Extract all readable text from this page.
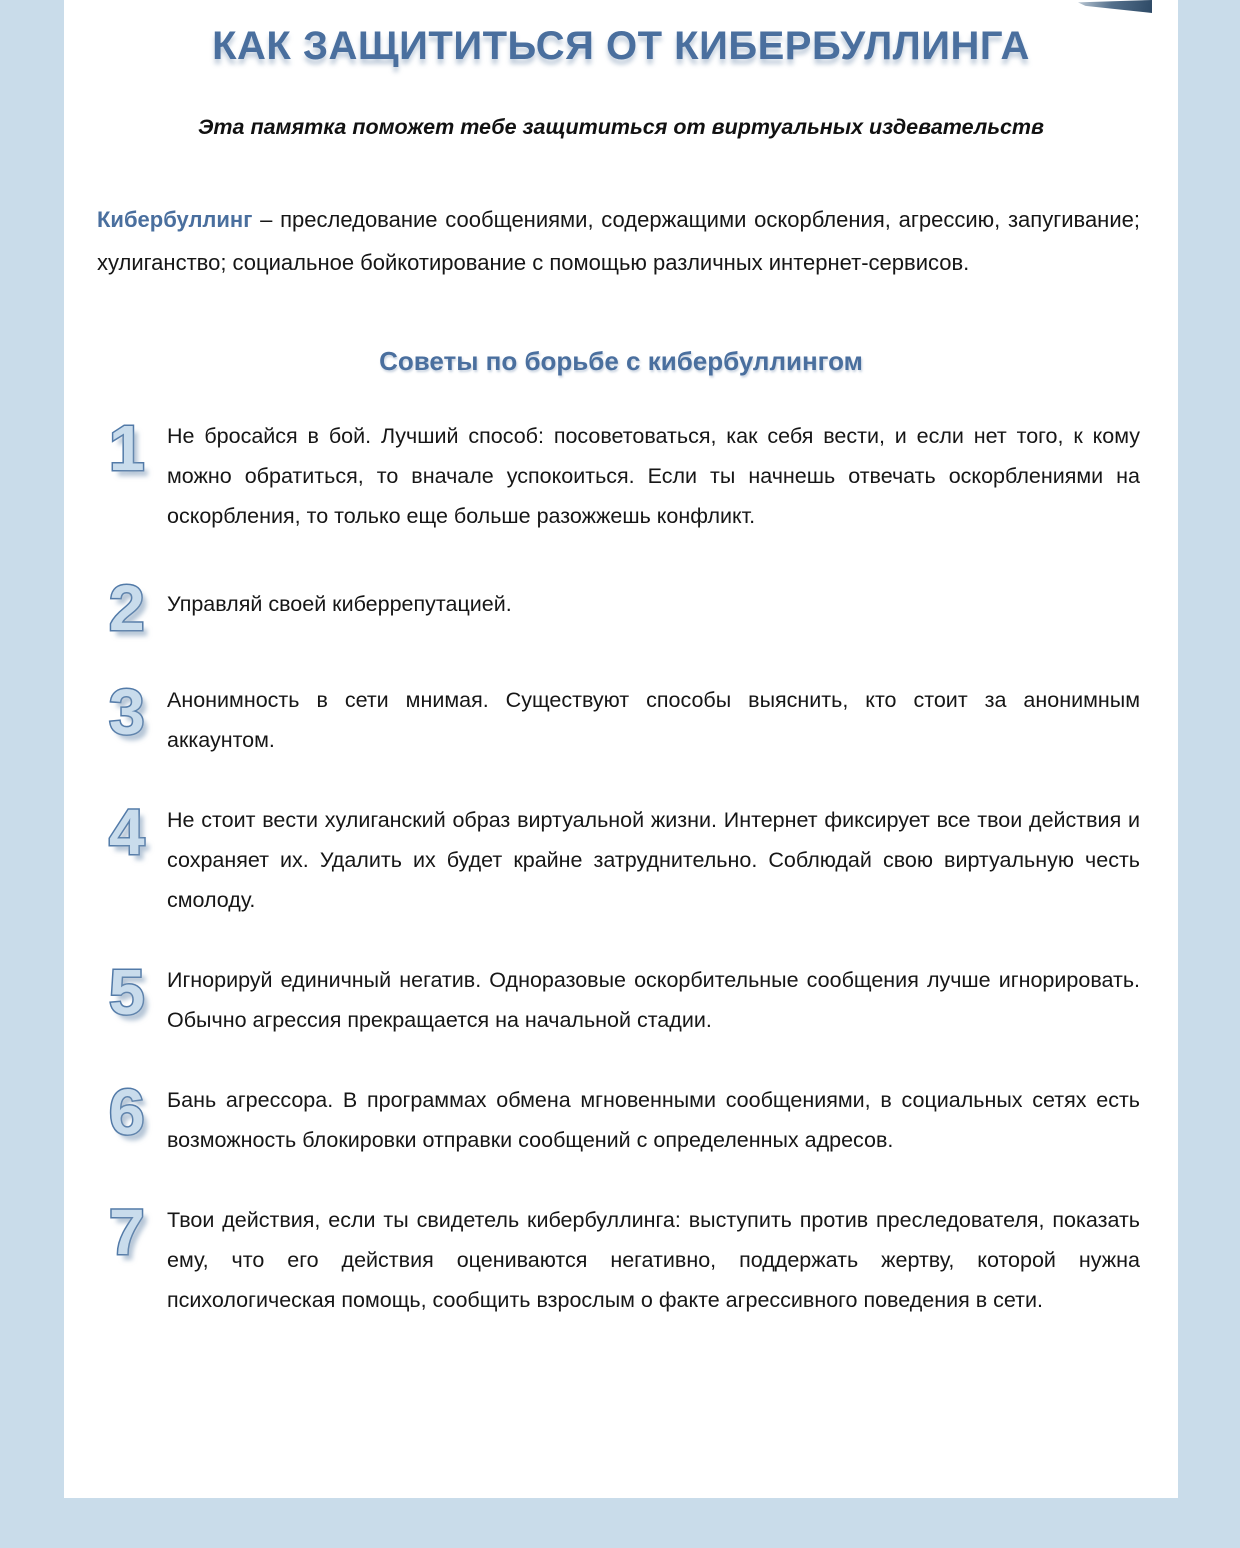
КАК ЗАЩИТИТЬСЯ ОТ КИБЕРБУЛЛИНГА
Эта памятка поможет тебе защититься от виртуальных издевательств

Кибербуллинг – преследование сообщениями, содержащими оскорбления, агрессию, запугивание; хулиганство; социальное бойкотирование с помощью различных интернет-сервисов.

Советы по борьбе с кибербуллингом
1	Не бросайся в бой. Лучший способ: посоветоваться, как себя вести, и если нет того, к кому можно обратиться, то вначале успокоиться. Если ты начнешь отвечать оскорблениями на оскорбления, то только еще больше разожжешь конфликт.

2	Управляй своей киберрепутацией.

3	Анонимность в сети мнимая. Существуют способы выяснить, кто стоит за анонимным аккаунтом.

4	Не стоит вести хулиганский образ виртуальной жизни. Интернет фиксирует все твои действия и сохраняет их. Удалить их будет крайне затруднительно. Соблюдай свою виртуальную честь смолоду.

5	Игнорируй единичный негатив. Одноразовые оскорбительные сообщения лучше игнорировать. Обычно агрессия прекращается на начальной стадии.

6	Бань агрессора. В программах обмена мгновенными сообщениями, в социальных сетях есть возможность блокировки отправки сообщений с определенных адресов.

7	Твои действия, если ты свидетель кибербуллинга: выступить против преследователя, показать ему, что его действия оцениваются негативно, поддержать жертву, которой нужна психологическая помощь, сообщить взрослым о факте агрессивного поведения в сети.
